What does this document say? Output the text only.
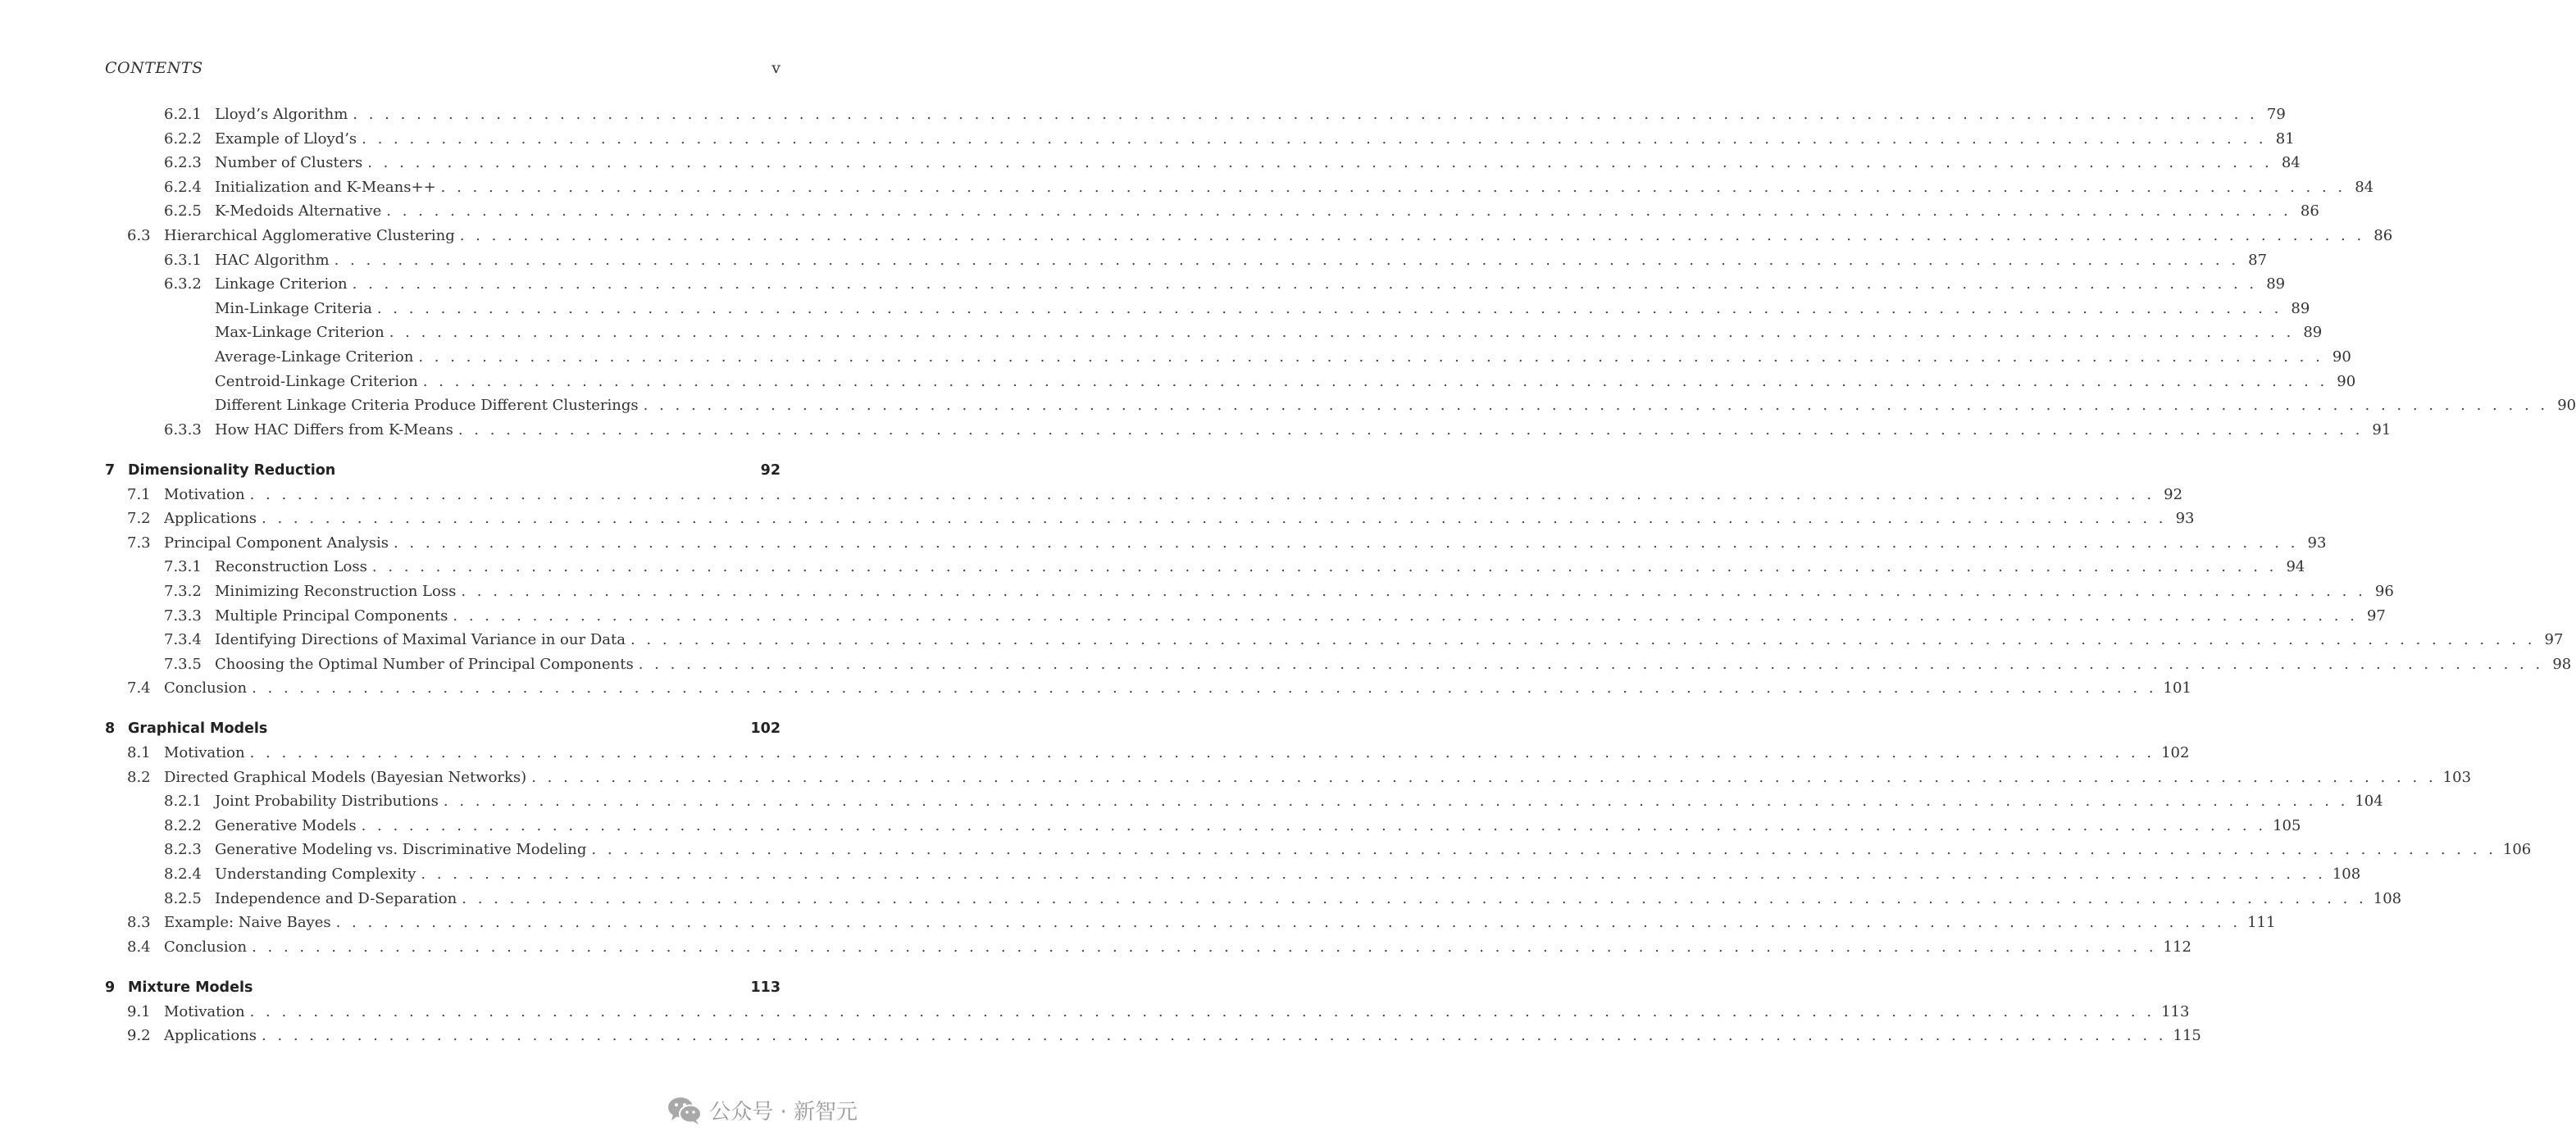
CONTENTS	v
6.2.1 Lloyd’s Algorithm . . . . . . . . . . . . . . . . . . . . . . . . . . . . . . . . . . . . . . . . . . . . . . . . . . . . . . . . . . . . . . . . . . . . . . . . . . . . . . . . . . . . . . . . . . . . . . . . . . . . . . . . . . . . . . . . . . . . . . . . 79
6.2.2 Example of Lloyd’s . . . . . . . . . . . . . . . . . . . . . . . . . . . . . . . . . . . . . . . . . . . . . . . . . . . . . . . . . . . . . . . . . . . . . . . . . . . . . . . . . . . . . . . . . . . . . . . . . . . . . . . . . . . . . . . . . . . . . . . . 81
6.2.3 Number of Clusters . . . . . . . . . . . . . . . . . . . . . . . . . . . . . . . . . . . . . . . . . . . . . . . . . . . . . . . . . . . . . . . . . . . . . . . . . . . . . . . . . . . . . . . . . . . . . . . . . . . . . . . . . . . . . . . . . . . . . . . . 84
6.2.4 Initialization and K-Means++ . . . . . . . . . . . . . . . . . . . . . . . . . . . . . . . . . . . . . . . . . . . . . . . . . . . . . . . . . . . . . . . . . . . . . . . . . . . . . . . . . . . . . . . . . . . . . . . . . . . . . . . . . . . . . . . . . . . . . . . . 84
6.2.5 K-Medoids Alternative . . . . . . . . . . . . . . . . . . . . . . . . . . . . . . . . . . . . . . . . . . . . . . . . . . . . . . . . . . . . . . . . . . . . . . . . . . . . . . . . . . . . . . . . . . . . . . . . . . . . . . . . . . . . . . . . . . . . . . . . 86
6.3 Hierarchical Agglomerative Clustering . . . . . . . . . . . . . . . . . . . . . . . . . . . . . . . . . . . . . . . . . . . . . . . . . . . . . . . . . . . . . . . . . . . . . . . . . . . . . . . . . . . . . . . . . . . . . . . . . . . . . . . . . . . . . . . . . . . . . . . . 86
6.3.1 HAC Algorithm . . . . . . . . . . . . . . . . . . . . . . . . . . . . . . . . . . . . . . . . . . . . . . . . . . . . . . . . . . . . . . . . . . . . . . . . . . . . . . . . . . . . . . . . . . . . . . . . . . . . . . . . . . . . . . . . . . . . . . . . 87
6.3.2 Linkage Criterion . . . . . . . . . . . . . . . . . . . . . . . . . . . . . . . . . . . . . . . . . . . . . . . . . . . . . . . . . . . . . . . . . . . . . . . . . . . . . . . . . . . . . . . . . . . . . . . . . . . . . . . . . . . . . . . . . . . . . . . . 89
Min-Linkage Criteria . . . . . . . . . . . . . . . . . . . . . . . . . . . . . . . . . . . . . . . . . . . . . . . . . . . . . . . . . . . . . . . . . . . . . . . . . . . . . . . . . . . . . . . . . . . . . . . . . . . . . . . . . . . . . . . . . . . . . . . . 89
Max-Linkage Criterion . . . . . . . . . . . . . . . . . . . . . . . . . . . . . . . . . . . . . . . . . . . . . . . . . . . . . . . . . . . . . . . . . . . . . . . . . . . . . . . . . . . . . . . . . . . . . . . . . . . . . . . . . . . . . . . . . . . . . . . . 89
Average-Linkage Criterion . . . . . . . . . . . . . . . . . . . . . . . . . . . . . . . . . . . . . . . . . . . . . . . . . . . . . . . . . . . . . . . . . . . . . . . . . . . . . . . . . . . . . . . . . . . . . . . . . . . . . . . . . . . . . . . . . . . . . . . . 90
Centroid-Linkage Criterion . . . . . . . . . . . . . . . . . . . . . . . . . . . . . . . . . . . . . . . . . . . . . . . . . . . . . . . . . . . . . . . . . . . . . . . . . . . . . . . . . . . . . . . . . . . . . . . . . . . . . . . . . . . . . . . . . . . . . . . . 90
Different Linkage Criteria Produce Different Clusterings . . . . . . . . . . . . . . . . . . . . . . . . . . . . . . . . . . . . . . . . . . . . . . . . . . . . . . . . . . . . . . . . . . . . . . . . . . . . . . . . . . . . . . . . . . . . . . . . . . . . . . . . . . . . . . . . . . . . . . . . 90
6.3.3 How HAC Differs from K-Means . . . . . . . . . . . . . . . . . . . . . . . . . . . . . . . . . . . . . . . . . . . . . . . . . . . . . . . . . . . . . . . . . . . . . . . . . . . . . . . . . . . . . . . . . . . . . . . . . . . . . . . . . . . . . . . . . . . . . . . . 91
7 Dimensionality Reduction	92
7.1 Motivation . . . . . . . . . . . . . . . . . . . . . . . . . . . . . . . . . . . . . . . . . . . . . . . . . . . . . . . . . . . . . . . . . . . . . . . . . . . . . . . . . . . . . . . . . . . . . . . . . . . . . . . . . . . . . . . . . . . . . . . . 92
7.2 Applications . . . . . . . . . . . . . . . . . . . . . . . . . . . . . . . . . . . . . . . . . . . . . . . . . . . . . . . . . . . . . . . . . . . . . . . . . . . . . . . . . . . . . . . . . . . . . . . . . . . . . . . . . . . . . . . . . . . . . . . . 93
7.3 Principal Component Analysis . . . . . . . . . . . . . . . . . . . . . . . . . . . . . . . . . . . . . . . . . . . . . . . . . . . . . . . . . . . . . . . . . . . . . . . . . . . . . . . . . . . . . . . . . . . . . . . . . . . . . . . . . . . . . . . . . . . . . . . . 93
7.3.1 Reconstruction Loss . . . . . . . . . . . . . . . . . . . . . . . . . . . . . . . . . . . . . . . . . . . . . . . . . . . . . . . . . . . . . . . . . . . . . . . . . . . . . . . . . . . . . . . . . . . . . . . . . . . . . . . . . . . . . . . . . . . . . . . . 94
7.3.2 Minimizing Reconstruction Loss . . . . . . . . . . . . . . . . . . . . . . . . . . . . . . . . . . . . . . . . . . . . . . . . . . . . . . . . . . . . . . . . . . . . . . . . . . . . . . . . . . . . . . . . . . . . . . . . . . . . . . . . . . . . . . . . . . . . . . . . 96
7.3.3 Multiple Principal Components . . . . . . . . . . . . . . . . . . . . . . . . . . . . . . . . . . . . . . . . . . . . . . . . . . . . . . . . . . . . . . . . . . . . . . . . . . . . . . . . . . . . . . . . . . . . . . . . . . . . . . . . . . . . . . . . . . . . . . . . 97
7.3.4 Identifying Directions of Maximal Variance in our Data . . . . . . . . . . . . . . . . . . . . . . . . . . . . . . . . . . . . . . . . . . . . . . . . . . . . . . . . . . . . . . . . . . . . . . . . . . . . . . . . . . . . . . . . . . . . . . . . . . . . . . . . . . . . . . . . . . . . . . . . 97
7.3.5 Choosing the Optimal Number of Principal Components . . . . . . . . . . . . . . . . . . . . . . . . . . . . . . . . . . . . . . . . . . . . . . . . . . . . . . . . . . . . . . . . . . . . . . . . . . . . . . . . . . . . . . . . . . . . . . . . . . . . . . . . . . . . . . . . . . . . . . . . 98
7.4 Conclusion . . . . . . . . . . . . . . . . . . . . . . . . . . . . . . . . . . . . . . . . . . . . . . . . . . . . . . . . . . . . . . . . . . . . . . . . . . . . . . . . . . . . . . . . . . . . . . . . . . . . . . . . . . . . . . . . . . . . . . . . 101
8 Graphical Models	102
8.1 Motivation . . . . . . . . . . . . . . . . . . . . . . . . . . . . . . . . . . . . . . . . . . . . . . . . . . . . . . . . . . . . . . . . . . . . . . . . . . . . . . . . . . . . . . . . . . . . . . . . . . . . . . . . . . . . . . . . . . . . . . . . 102
8.2 Directed Graphical Models (Bayesian Networks) . . . . . . . . . . . . . . . . . . . . . . . . . . . . . . . . . . . . . . . . . . . . . . . . . . . . . . . . . . . . . . . . . . . . . . . . . . . . . . . . . . . . . . . . . . . . . . . . . . . . . . . . . . . . . . . . . . . . . . . . 103
8.2.1 Joint Probability Distributions . . . . . . . . . . . . . . . . . . . . . . . . . . . . . . . . . . . . . . . . . . . . . . . . . . . . . . . . . . . . . . . . . . . . . . . . . . . . . . . . . . . . . . . . . . . . . . . . . . . . . . . . . . . . . . . . . . . . . . . . 104
8.2.2 Generative Models . . . . . . . . . . . . . . . . . . . . . . . . . . . . . . . . . . . . . . . . . . . . . . . . . . . . . . . . . . . . . . . . . . . . . . . . . . . . . . . . . . . . . . . . . . . . . . . . . . . . . . . . . . . . . . . . . . . . . . . . 105
8.2.3 Generative Modeling vs. Discriminative Modeling . . . . . . . . . . . . . . . . . . . . . . . . . . . . . . . . . . . . . . . . . . . . . . . . . . . . . . . . . . . . . . . . . . . . . . . . . . . . . . . . . . . . . . . . . . . . . . . . . . . . . . . . . . . . . . . . . . . . . . . . 106
8.2.4 Understanding Complexity . . . . . . . . . . . . . . . . . . . . . . . . . . . . . . . . . . . . . . . . . . . . . . . . . . . . . . . . . . . . . . . . . . . . . . . . . . . . . . . . . . . . . . . . . . . . . . . . . . . . . . . . . . . . . . . . . . . . . . . . 108
8.2.5 Independence and D-Separation . . . . . . . . . . . . . . . . . . . . . . . . . . . . . . . . . . . . . . . . . . . . . . . . . . . . . . . . . . . . . . . . . . . . . . . . . . . . . . . . . . . . . . . . . . . . . . . . . . . . . . . . . . . . . . . . . . . . . . . . 108
8.3 Example: Naive Bayes . . . . . . . . . . . . . . . . . . . . . . . . . . . . . . . . . . . . . . . . . . . . . . . . . . . . . . . . . . . . . . . . . . . . . . . . . . . . . . . . . . . . . . . . . . . . . . . . . . . . . . . . . . . . . . . . . . . . . . . . 111
8.4 Conclusion . . . . . . . . . . . . . . . . . . . . . . . . . . . . . . . . . . . . . . . . . . . . . . . . . . . . . . . . . . . . . . . . . . . . . . . . . . . . . . . . . . . . . . . . . . . . . . . . . . . . . . . . . . . . . . . . . . . . . . . . 112
9 Mixture Models	113
9.1 Motivation . . . . . . . . . . . . . . . . . . . . . . . . . . . . . . . . . . . . . . . . . . . . . . . . . . . . . . . . . . . . . . . . . . . . . . . . . . . . . . . . . . . . . . . . . . . . . . . . . . . . . . . . . . . . . . . . . . . . . . . . 113
9.2 Applications . . . . . . . . . . . . . . . . . . . . . . . . . . . . . . . . . . . . . . . . . . . . . . . . . . . . . . . . . . . . . . . . . . . . . . . . . . . . . . . . . . . . . . . . . . . . . . . . . . . . . . . . . . . . . . . . . . . . . . . . 115
公众号 · 新智元
